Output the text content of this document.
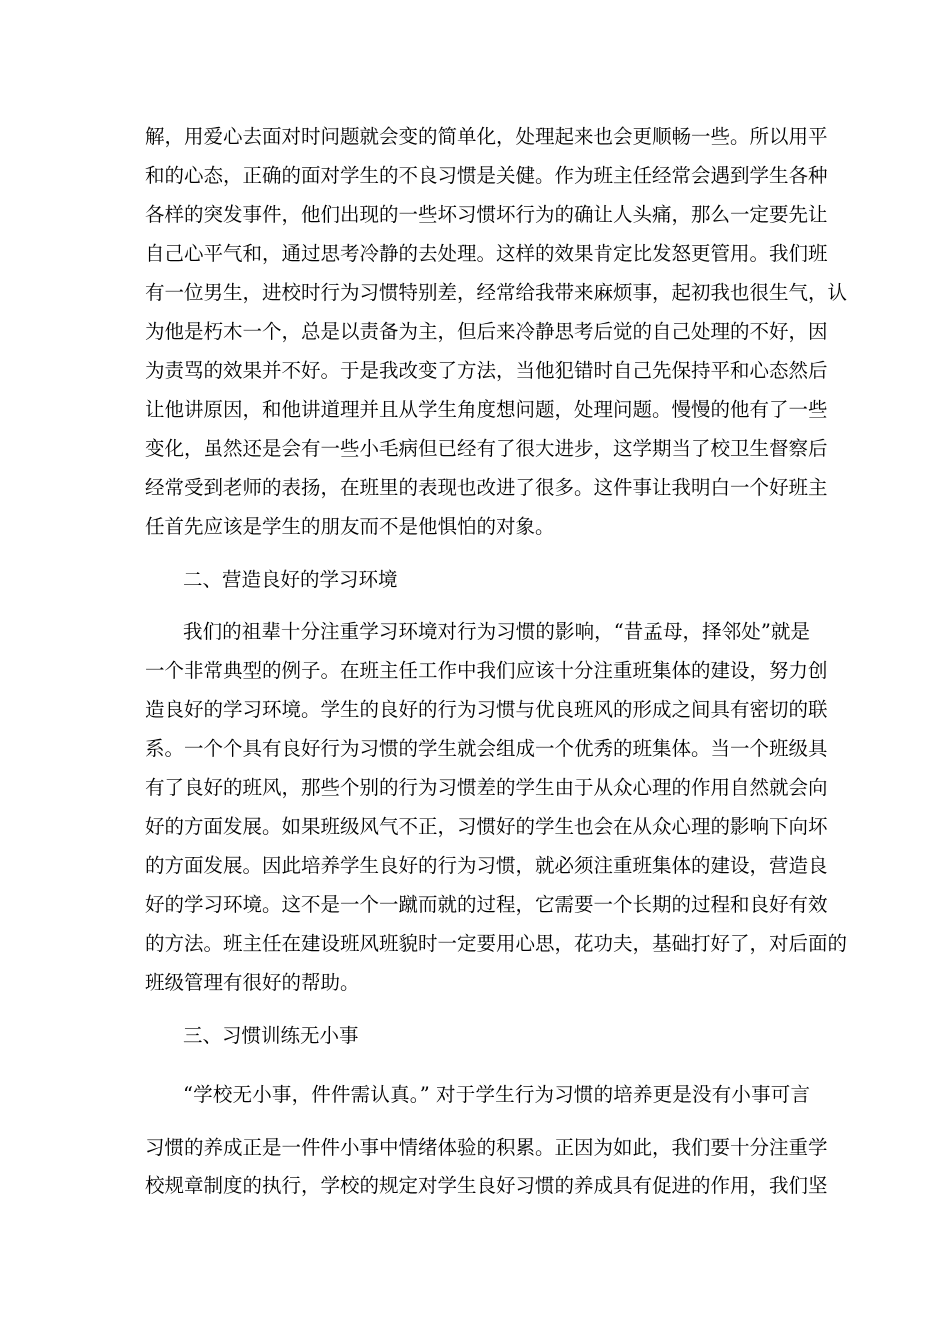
解，用爱心去面对时问题就会变的简单化，处理起来也会更顺畅一些。所以用平
和的心态，正确的面对学生的不良习惯是关健。作为班主任经常会遇到学生各种
各样的突发事件，他们出现的一些坏习惯坏行为的确让人头痛，那么一定要先让
自己心平气和，通过思考冷静的去处理。这样的效果肯定比发怒更管用。我们班
有一位男生，进校时行为习惯特别差，经常给我带来麻烦事，起初我也很生气，认
为他是朽木一个，总是以责备为主，但后来冷静思考后觉的自己处理的不好，因
为责骂的效果并不好。于是我改变了方法，当他犯错时自己先保持平和心态然后
让他讲原因，和他讲道理并且从学生角度想问题，处理问题。慢慢的他有了一些
变化，虽然还是会有一些小毛病但已经有了很大进步，这学期当了校卫生督察后
经常受到老师的表扬，在班里的表现也改进了很多。这件事让我明白一个好班主
任首先应该是学生的朋友而不是他惧怕的对象。
二、营造良好的学习环境
我们的祖辈十分注重学习环境对行为习惯的影响，“昔孟母，择邻处”就是
一个非常典型的例子。在班主任工作中我们应该十分注重班集体的建设，努力创
造良好的学习环境。学生的良好的行为习惯与优良班风的形成之间具有密切的联
系。一个个具有良好行为习惯的学生就会组成一个优秀的班集体。当一个班级具
有了良好的班风，那些个别的行为习惯差的学生由于从众心理的作用自然就会向
好的方面发展。如果班级风气不正，习惯好的学生也会在从众心理的影响下向坏
的方面发展。因此培养学生良好的行为习惯，就必须注重班集体的建设，营造良
好的学习环境。这不是一个一蹴而就的过程，它需要一个长期的过程和良好有效
的方法。班主任在建设班风班貌时一定要用心思，花功夫，基础打好了，对后面的
班级管理有很好的帮助。
三、习惯训练无小事
“学校无小事，件件需认真。” 对于学生行为习惯的培养更是没有小事可言
习惯的养成正是一件件小事中情绪体验的积累。正因为如此，我们要十分注重学
校规章制度的执行，学校的规定对学生良好习惯的养成具有促进的作用，我们坚
